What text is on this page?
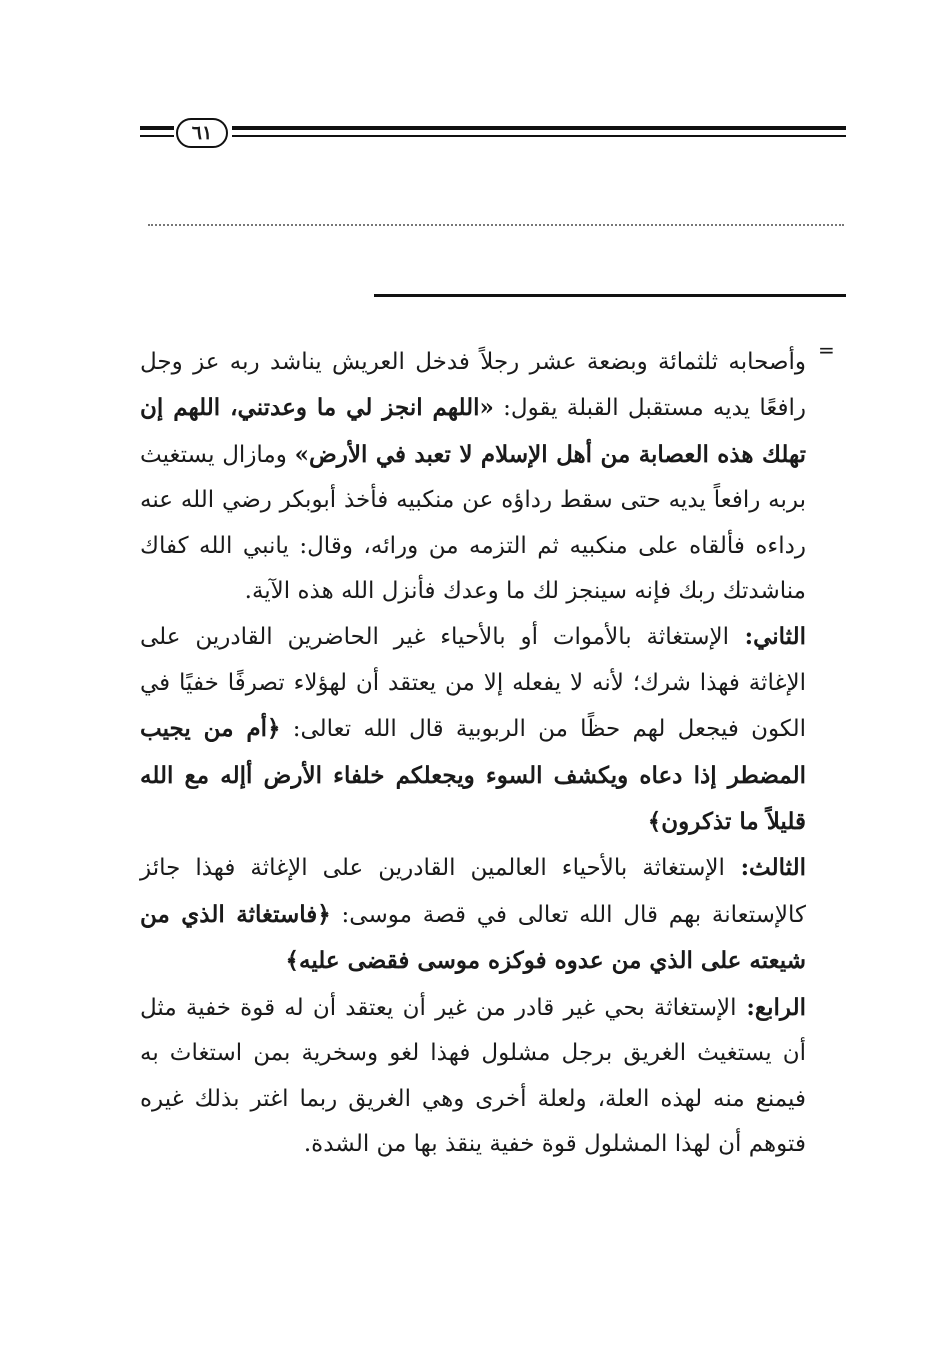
٦١
=

وأصحابه ثلثمائة وبضعة عشر رجلاً فدخل العريش يناشد ربه عز وجل رافعًا يديه مستقبل القبلة يقول: «اللهم انجز لي ما وعدتني، اللهم إن تهلك هذه العصابة من أهل الإسلام لا تعبد في الأرض» ومازال يستغيث بربه رافعاً يديه حتى سقط رداؤه عن منكبيه فأخذ أبوبكر رضي الله عنه رداءه فألقاه على منكبيه ثم التزمه من ورائه، وقال: يانبي الله كفاك مناشدتك ربك فإنه سينجز لك ما وعدك فأنزل الله هذه الآية.

الثاني: الإستغاثة بالأموات أو بالأحياء غير الحاضرين القادرين على الإغاثة فهذا شرك؛ لأنه لا يفعله إلا من يعتقد أن لهؤلاء تصرفًا خفيًا في الكون فيجعل لهم حظًا من الربوبية قال الله تعالى: ﴿أم من يجيب المضطر إذا دعاه ويكشف السوء ويجعلكم خلفاء الأرض أإله مع الله قليلاً ما تذكرون﴾

الثالث: الإستغاثة بالأحياء العالمين القادرين على الإغاثة فهذا جائز كالإستعانة بهم قال الله تعالى في قصة موسى: ﴿فاستغاثة الذي من شيعته على الذي من عدوه فوكزه موسى فقضى عليه﴾

الرابع: الإستغاثة بحي غير قادر من غير أن يعتقد أن له قوة خفية مثل أن يستغيث الغريق برجل مشلول فهذا لغو وسخرية بمن استغاث به فيمنع منه لهذه العلة، ولعلة أخرى وهي الغريق ربما اغتر بذلك غيره فتوهم أن لهذا المشلول قوة خفية ينقذ بها من الشدة.
